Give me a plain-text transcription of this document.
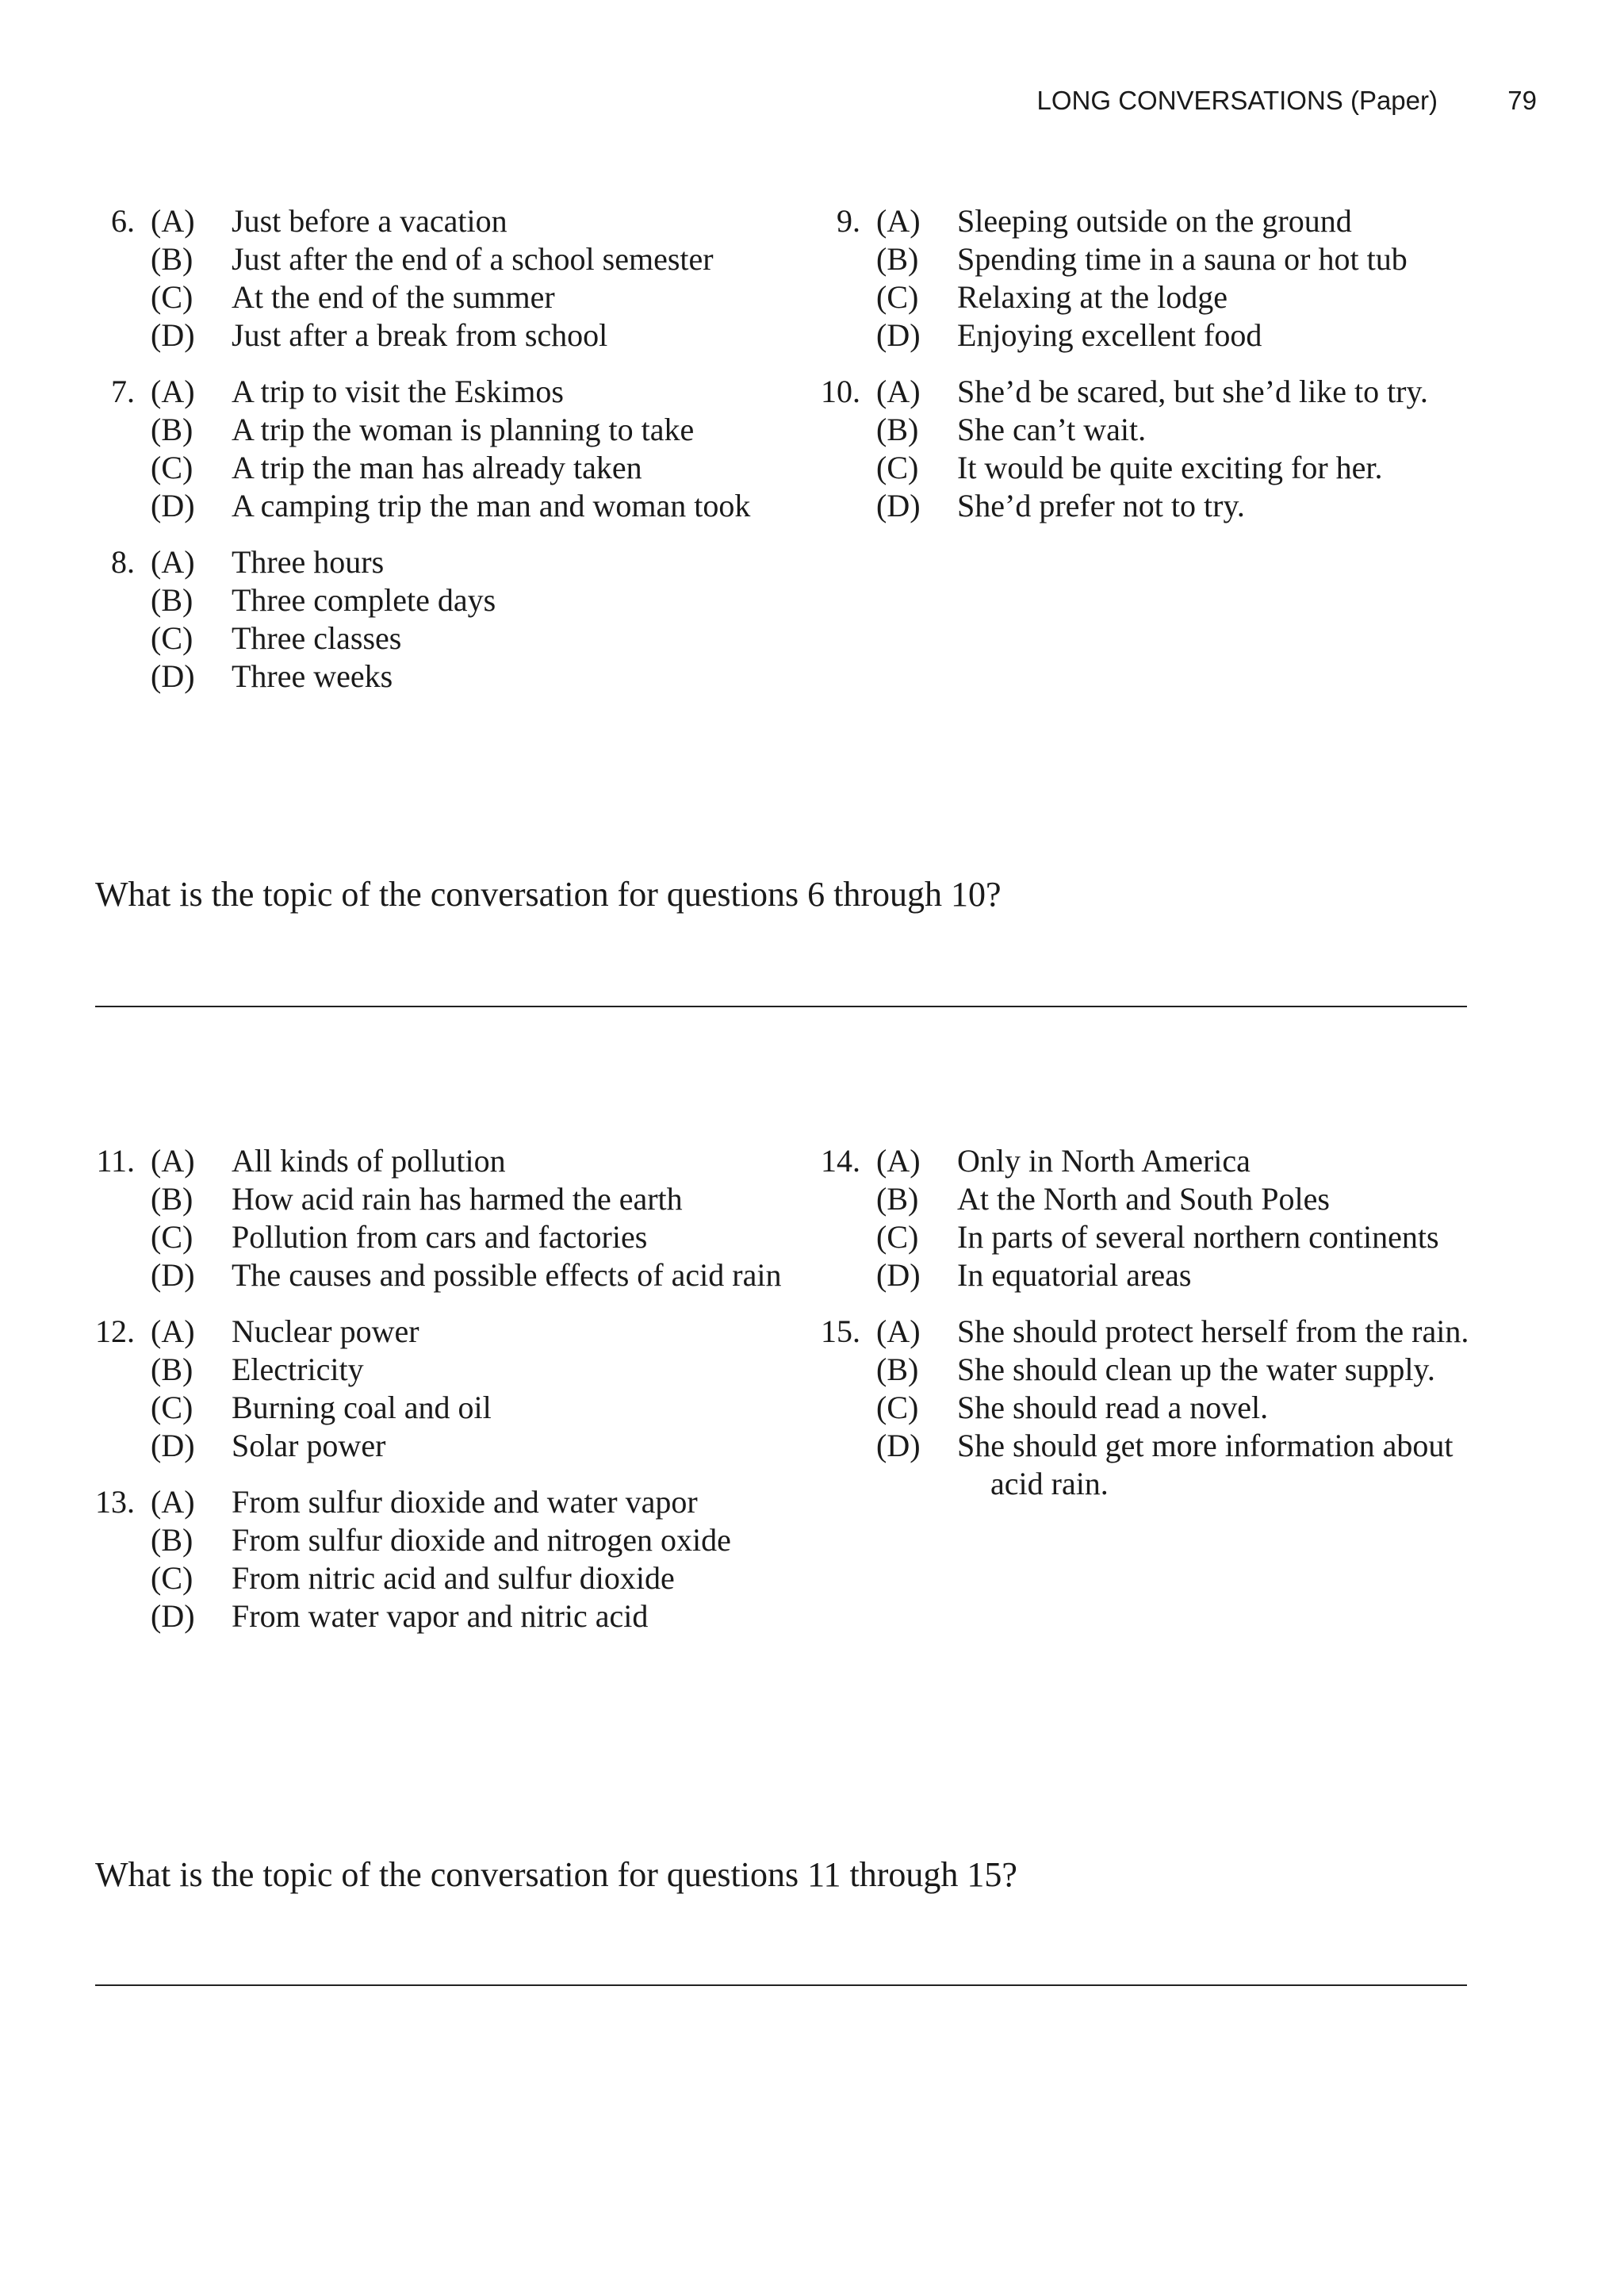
LONG CONVERSATIONS (Paper)	79
6. (A) Just before a vacation
(B) Just after the end of a school semester
(C) At the end of the summer
(D) Just after a break from school
7. (A) A trip to visit the Eskimos
(B) A trip the woman is planning to take
(C) A trip the man has already taken
(D) A camping trip the man and woman took
8. (A) Three hours
(B) Three complete days
(C) Three classes
(D) Three weeks
9. (A) Sleeping outside on the ground
(B) Spending time in a sauna or hot tub
(C) Relaxing at the lodge
(D) Enjoying excellent food
10. (A) She’d be scared, but she’d like to try.
(B) She can’t wait.
(C) It would be quite exciting for her.
(D) She’d prefer not to try.
What is the topic of the conversation for questions 6 through 10?
11. (A) All kinds of pollution
(B) How acid rain has harmed the earth
(C) Pollution from cars and factories
(D) The causes and possible effects of acid rain
12. (A) Nuclear power
(B) Electricity
(C) Burning coal and oil
(D) Solar power
13. (A) From sulfur dioxide and water vapor
(B) From sulfur dioxide and nitrogen oxide
(C) From nitric acid and sulfur dioxide
(D) From water vapor and nitric acid
14. (A) Only in North America
(B) At the North and South Poles
(C) In parts of several northern continents
(D) In equatorial areas
15. (A) She should protect herself from the rain.
(B) She should clean up the water supply.
(C) She should read a novel.
(D) She should get more information about acid rain.
What is the topic of the conversation for questions 11 through 15?
